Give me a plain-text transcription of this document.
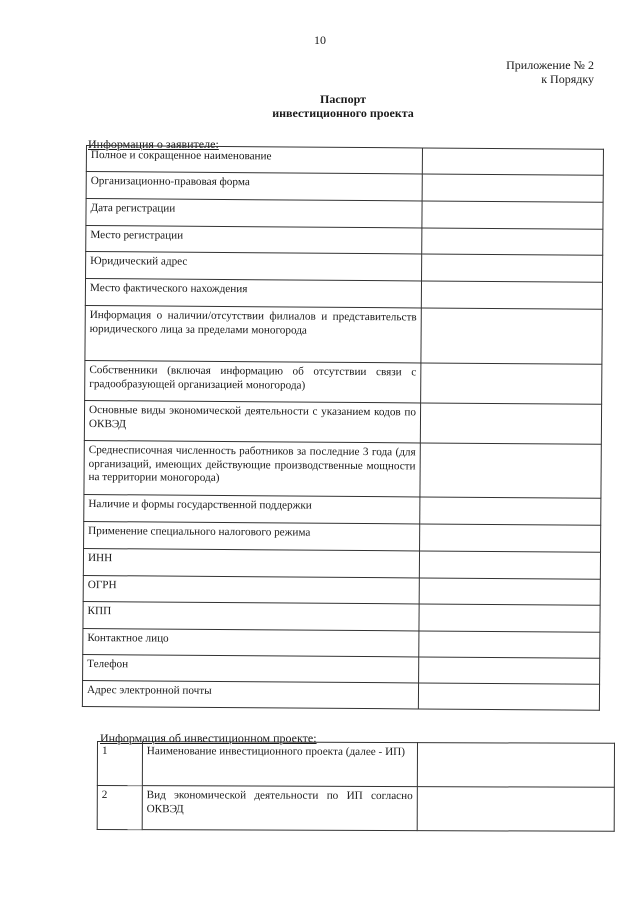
10
Приложение № 2
к Порядку
Паспорт
инвестиционного проекта
Информация о заявителе:
Полное и сокращенное наименование	
Организационно-правовая форма	
Дата регистрации	
Место регистрации	
Юридический адрес	
Место фактического нахождения	
Информация о наличии/отсутствии филиалов и представительств юридического лица за пределами моногорода	
Собственники (включая информацию об отсутствии связи с градообразующей организацией моногорода)	
Основные виды экономической деятельности с указанием кодов по ОКВЭД	
Среднесписочная численность работников за последние 3 года (для организаций, имеющих действующие производственные мощности на территории моногорода)	
Наличие и формы государственной поддержки	
Применение специального налогового режима	
ИНН	
ОГРН	
КПП	
Контактное лицо	
Телефон	
Адрес электронной почты	
Информация об инвестиционном проекте:
1	Наименование инвестиционного проекта (далее - ИП)	
2	Вид экономической деятельности по ИП согласно ОКВЭД	
